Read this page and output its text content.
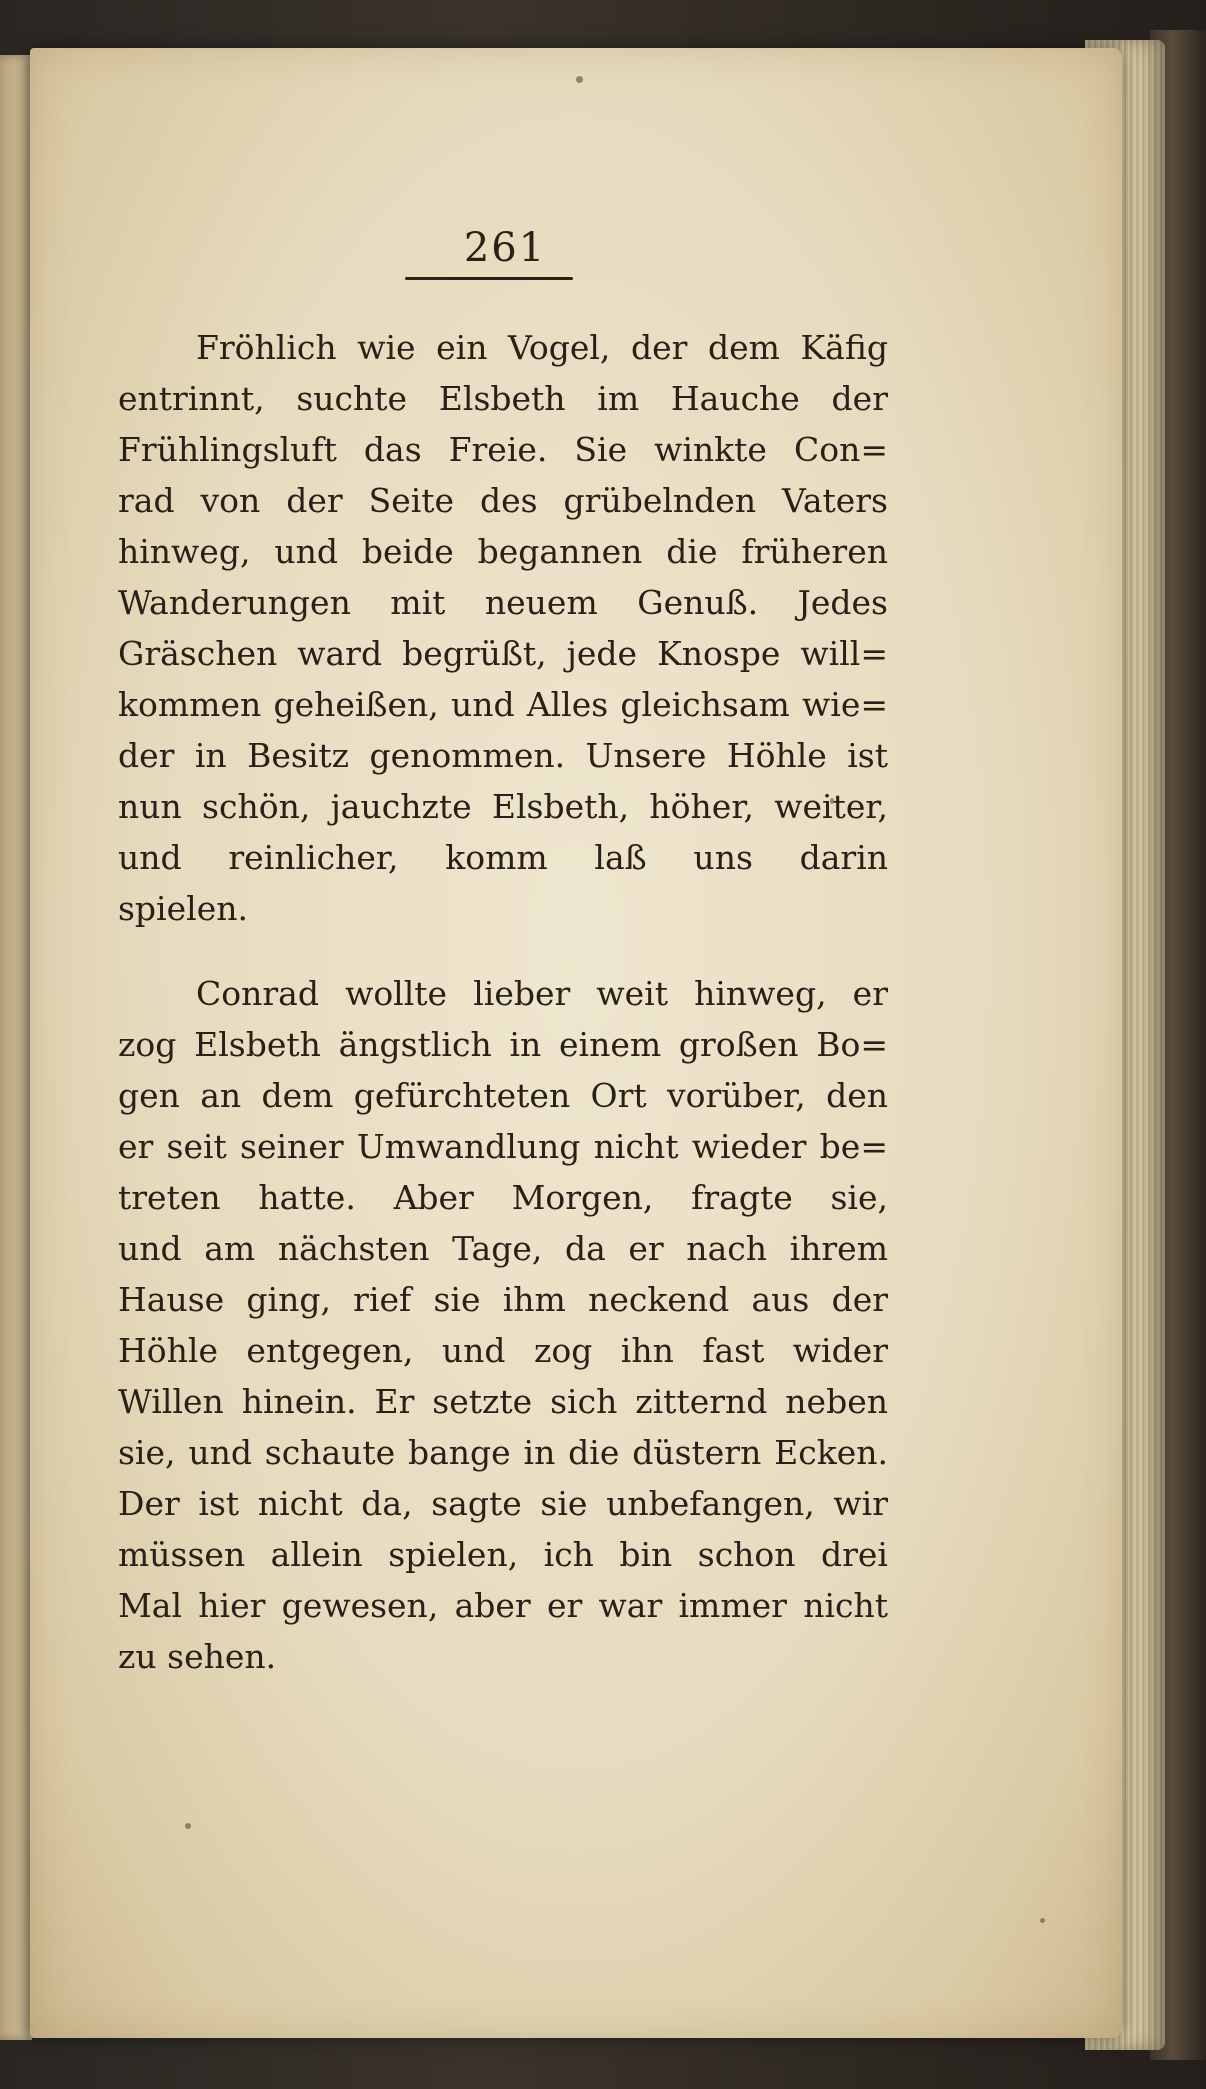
261
Fröhlich wie ein Vogel, der dem Käfig
entrinnt, suchte Elsbeth im Hauche der
Frühlingsluft das Freie. Sie winkte Con=
rad von der Seite des grübelnden Vaters
hinweg, und beide begannen die früheren
Wanderungen mit neuem Genuß. Jedes
Gräschen ward begrüßt, jede Knospe will=
kommen geheißen, und Alles gleichsam wie=
der in Besitz genommen. Unsere Höhle ist
nun schön, jauchzte Elsbeth, höher, weiter,
und reinlicher, komm laß uns darin
spielen.
Conrad wollte lieber weit hinweg, er
zog Elsbeth ängstlich in einem großen Bo=
gen an dem gefürchteten Ort vorüber, den
er seit seiner Umwandlung nicht wieder be=
treten hatte. Aber Morgen, fragte sie,
und am nächsten Tage, da er nach ihrem
Hause ging, rief sie ihm neckend aus der
Höhle entgegen, und zog ihn fast wider
Willen hinein. Er setzte sich zitternd neben
sie, und schaute bange in die düstern Ecken.
Der ist nicht da, sagte sie unbefangen, wir
müssen allein spielen, ich bin schon drei
Mal hier gewesen, aber er war immer nicht
zu sehen.
